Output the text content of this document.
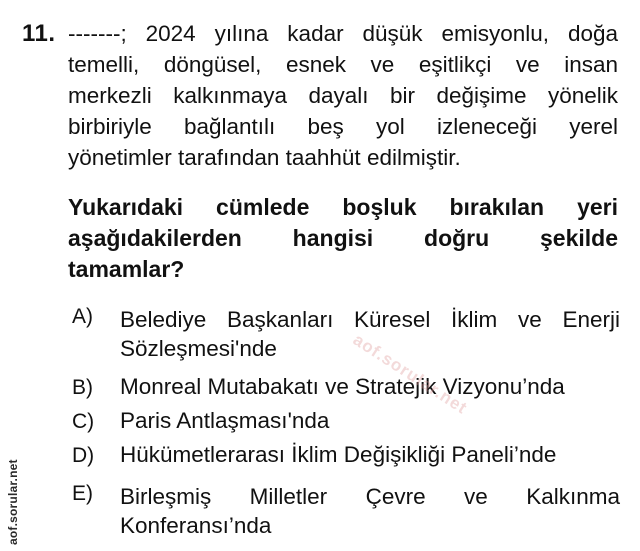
11. -------; 2024 yılına kadar düşük emisyonlu, doğa
temelli, döngüsel, esnek ve eşitlikçi ve insan
merkezli kalkınmaya dayalı bir değişime yönelik
birbiriyle bağlantılı beş yol izleneceği yerel
yönetimler tarafından taahhüt edilmiştir.
Yukarıdaki cümlede boşluk bırakılan yeri
aşağıdakilerden hangisi doğru şekilde
tamamlar?
A)	Belediye Başkanları Küresel İklim ve Enerji
Sözleşmesi'nde
B)	Monreal Mutabakatı ve Stratejik Vizyonu’nda
C)	Paris Antlaşması'nda
D)	Hükümetlerarası İklim Değişikliği Paneli’nde
E)	Birleşmiş Milletler Çevre ve Kalkınma
Konferansı’nda
aof.sorular.net
aof.sorular.net
